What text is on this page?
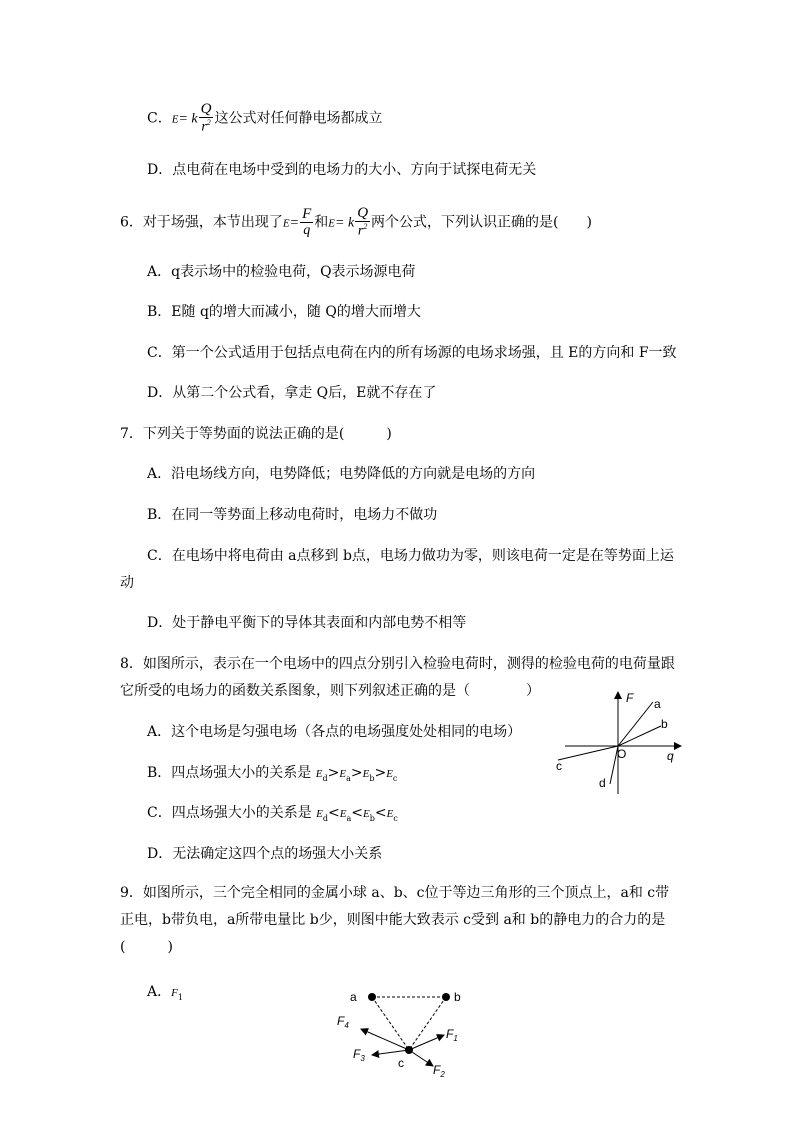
C．E= k $\frac{Q}{r^2}$ 这公式对任何静电场都成立
D．点电荷在电场中受到的电场力的大小、方向于试探电荷无关
6．对于场强，本节出现了$E= \frac{F}{q}$ 和E= k $\frac{Q}{r^2}$ 两个公式，下列认识正确的是(　　)
A．q表示场中的检验电荷，Q表示场源电荷
B．E随 q的增大而减小，随 Q的增大而增大
C．第一个公式适用于包括点电荷在内的所有场源的电场求场强，且 E的方向和 F一致
D．从第二个公式看，拿走 Q后，E就不存在了
7．下列关于等势面的说法正确的是(　　　)
A．沿电场线方向，电势降低；电势降低的方向就是电场的方向
B．在同一等势面上移动电荷时，电场力不做功
C．在电场中将电荷由 a点移到 b点，电场力做功为零，则该电荷一定是在等势面上运
动
D．处于静电平衡下的导体其表面和内部电势不相等
8．如图所示，表示在一个电场中的四点分别引入检验电荷时，测得的检验电荷的电荷量跟
它所受的电场力的函数关系图象，则下列叙述正确的是（　　　　）
A．这个电场是匀强电场（各点的电场强度处处相同的电场）
B．四点场强大小的关系是 $E_d>E_a>E_b>E_c$
C．四点场强大小的关系是 $E_d<E_a<E_b<E_c$
D．无法确定这四个点的场强大小关系
F
q
O
a
b
c
d
9．如图所示，三个完全相同的金属小球 a、b、c位于等边三角形的三个顶点上，a和 c带
正电，b带负电，a所带电量比 b少，则图中能大致表示 c受到 a和 b的静电力的合力的是
(　　　)
A．$F_1$	a	b
c
$F_1$
$F_2$
$F_3$
$F_4$
